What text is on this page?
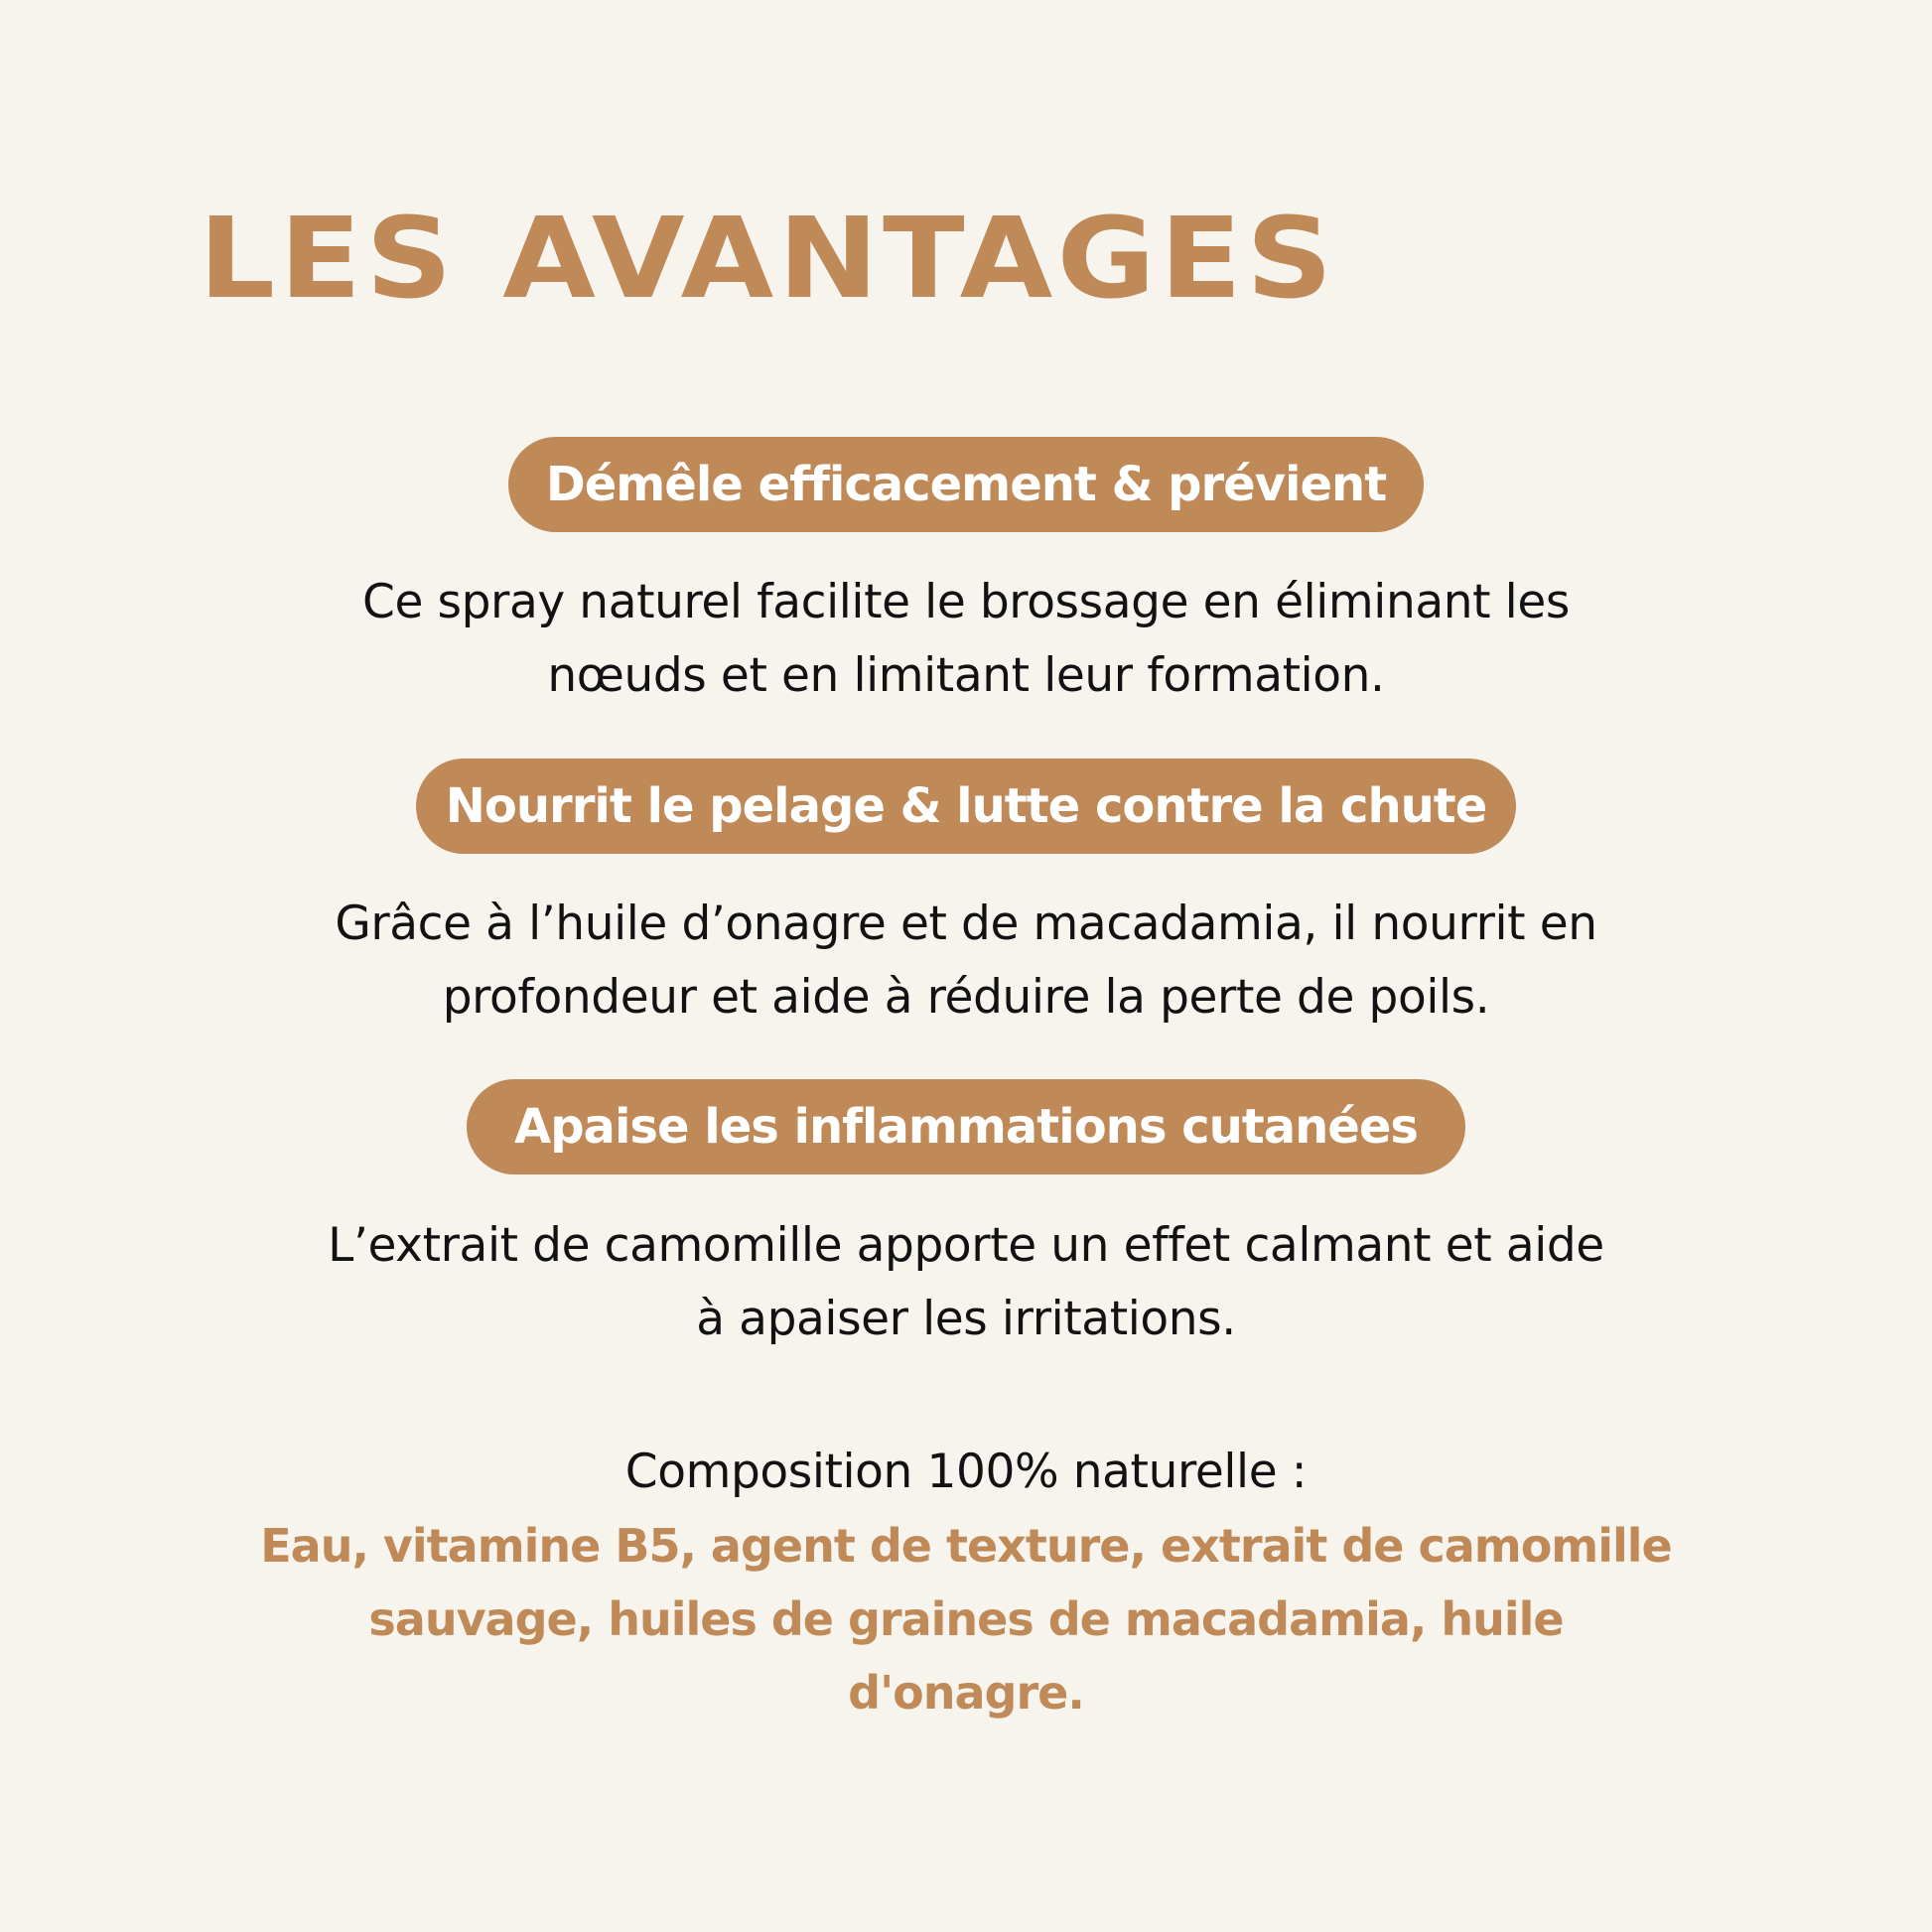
LES AVANTAGES
Démêle efficacement & prévient

Ce spray naturel facilite le brossage en éliminant les
nœuds et en limitant leur formation.

Nourrit le pelage & lutte contre la chute

Grâce à l’huile d’onagre et de macadamia, il nourrit en
profondeur et aide à réduire la perte de poils.

Apaise les inflammations cutanées

L’extrait de camomille apporte un effet calmant et aide
à apaiser les irritations.

Composition 100% naturelle :

Eau, vitamine B5, agent de texture, extrait de camomille
sauvage, huiles de graines de macadamia, huile
d'onagre.
